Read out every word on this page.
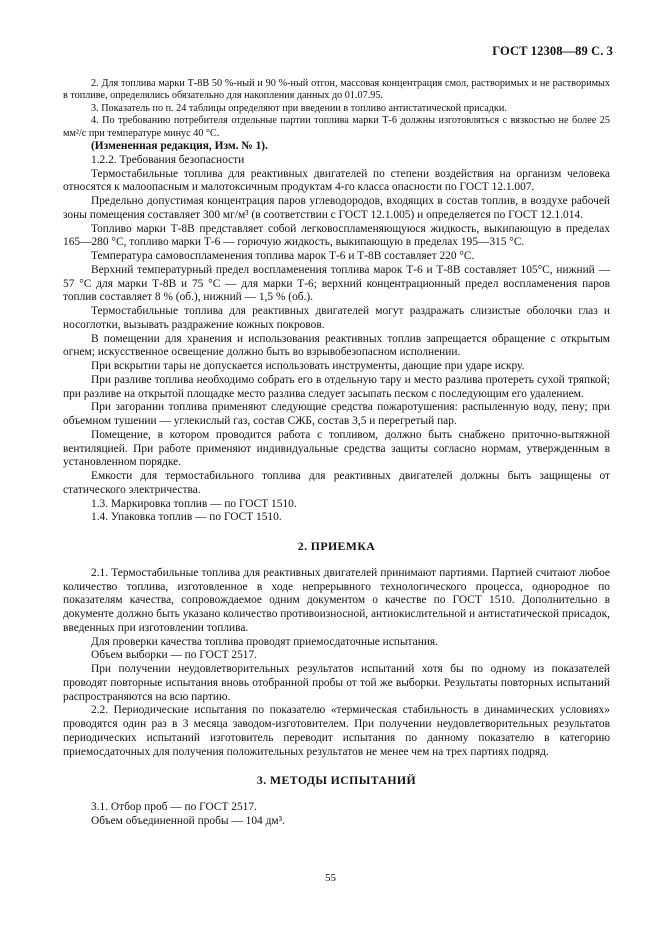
ГОСТ 12308—89 С. 3

2. Для топлива марки Т-8В 50 %-ный и 90 %-ный отгон, массовая концентрация смол, растворимых и не растворимых в топливе, определялись обязательно для накопления данных до 01.07.95.

3. Показатель по п. 24 таблицы определяют при введении в топливо антистатической присадки.

4. По требованию потребителя отдельные партии топлива марки Т-6 должны изготовляться с вязкостью не более 25 мм²/с при температуре минус 40 °С.

(Измененная редакция, Изм. № 1).

1.2.2. Требования безопасности

Термостабильные топлива для реактивных двигателей по степени воздействия на организм человека относятся к малоопасным и малотоксичным продуктам 4-го класса опасности по ГОСТ 12.1.007.

Предельно допустимая концентрация паров углеводородов, входящих в состав топлив, в воздухе рабочей зоны помещения составляет 300 мг/м³ (в соответствии с ГОСТ 12.1.005) и определяется по ГОСТ 12.1.014.

Топливо марки Т-8В представляет собой легковоспламеняющуюся жидкость, выкипающую в пределах 165—280 °С, топливо марки Т-6 — горючую жидкость, выкипающую в пределах 195—315 °С.

Температура самовоспламенения топлива марок Т-6 и Т-8В составляет 220 °С.

Верхний температурный предел воспламенения топлива марок Т-6 и Т-8В составляет 105°С, нижний — 57 °С для марки Т-8В и 75 °С — для марки Т-6; верхний концентрационный предел воспламенения паров топлив составляет 8 % (об.), нижний — 1,5 % (об.).

Термостабильные топлива для реактивных двигателей могут раздражать слизистые оболочки глаз и носоглотки, вызывать раздражение кожных покровов.

В помещении для хранения и использования реактивных топлив запрещается обращение с открытым огнем; искусственное освещение должно быть во взрывобезопасном исполнении.

При вскрытии тары не допускается использовать инструменты, дающие при ударе искру.

При разливе топлива необходимо собрать его в отдельную тару и место разлива протереть сухой тряпкой; при разливе на открытой площадке место разлива следует засыпать песком с последующим его удалением.

При загорании топлива применяют следующие средства пожаротушения: распыленную воду, пену; при объемном тушении — углекислый газ, состав СЖБ, состав 3,5 и перегретый пар.

Помещение, в котором проводится работа с топливом, должно быть снабжено приточно-вытяжной вентиляцией. При работе применяют индивидуальные средства защиты согласно нормам, утвержденным в установленном порядке.

Емкости для термостабильного топлива для реактивных двигателей должны быть защищены от статического электричества.

1.3. Маркировка топлив — по ГОСТ 1510.

1.4. Упаковка топлив — по ГОСТ 1510.

2. ПРИЕМКА

2.1. Термостабильные топлива для реактивных двигателей принимают партиями. Партией считают любое количество топлива, изготовленное в ходе непрерывного технологического процесса, однородное по показателям качества, сопровождаемое одним документом о качестве по ГОСТ 1510. Дополнительно в документе должно быть указано количество противоизносной, антиокислительной и антистатической присадок, введенных при изготовлении топлива.

Для проверки качества топлива проводят приемосдаточные испытания.

Объем выборки — по ГОСТ 2517.

При получении неудовлетворительных результатов испытаний хотя бы по одному из показателей проводят повторные испытания вновь отобранной пробы от той же выборки. Результаты повторных испытаний распространяются на всю партию.

2.2. Периодические испытания по показателю «термическая стабильность в динамических условиях» проводятся один раз в 3 месяца заводом-изготовителем. При получении неудовлетворительных результатов периодических испытаний изготовитель переводит испытания по данному показателю в категорию приемосдаточных для получения положительных результатов не менее чем на трех партиях подряд.

3. МЕТОДЫ ИСПЫТАНИЙ

3.1. Отбор проб — по ГОСТ 2517.

Объем объединенной пробы — 104 дм³.

55
